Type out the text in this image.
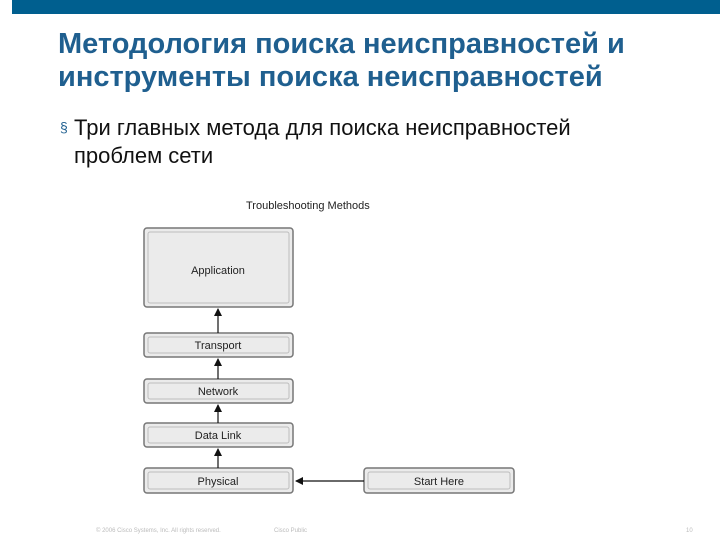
Методология поиска неисправностей и
инструменты поиска неисправностей
§ Три главных метода для поиска неисправностей
проблем сети
Troubleshooting Methods
Application
Transport
Network
Data Link
Physical	Start Here
© 2006 Cisco Systems, Inc. All rights reserved.	Cisco Public	10
